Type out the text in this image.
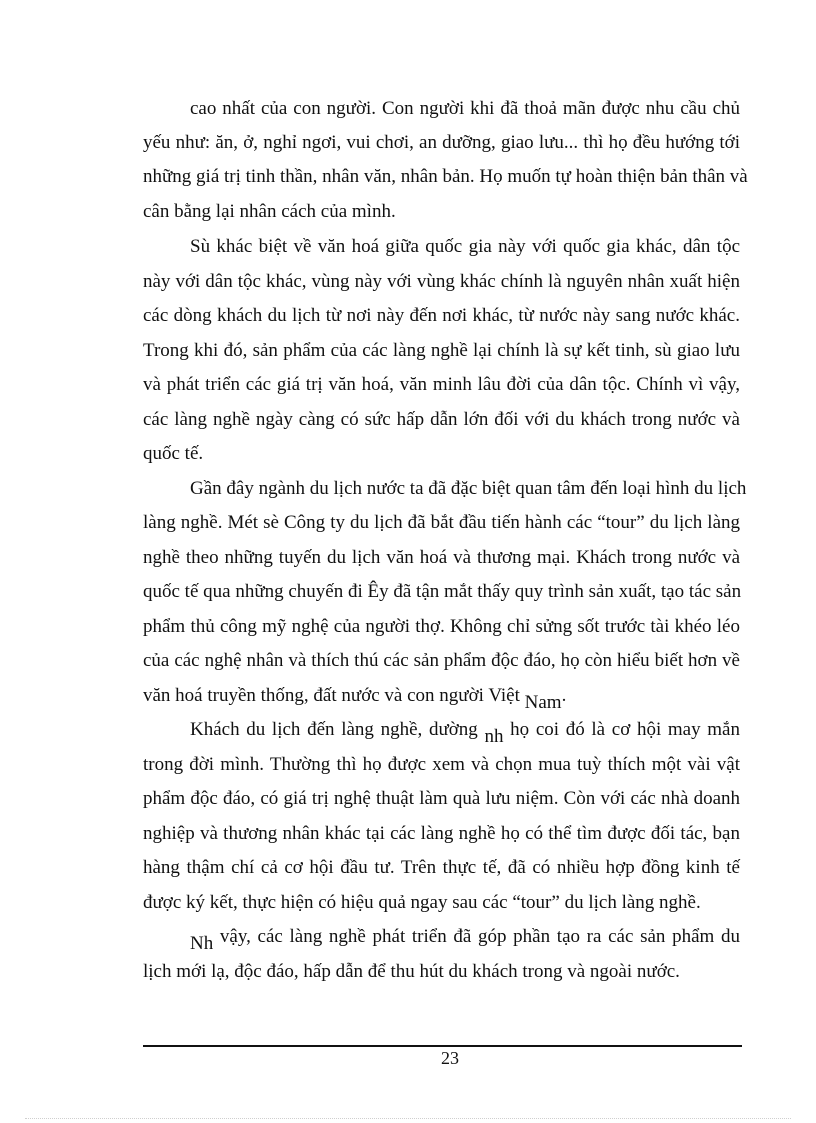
cao nhất của con người. Con người khi đã thoả mãn được nhu cầu chủ
yếu như: ăn, ở, nghỉ ngơi, vui chơi, an dưỡng, giao lưu... thì họ đều hướng tới
những giá trị tinh thần, nhân văn, nhân bản. Họ muốn tự hoàn thiện bản thân và
cân bằng lại nhân cách của mình.
Sù khác biệt về văn hoá giữa quốc gia này với quốc gia khác, dân tộc
này với dân tộc khác, vùng này với vùng khác chính là nguyên nhân xuất hiện
các dòng khách du lịch từ nơi này đến nơi khác, từ nước này sang nước khác.
Trong khi đó, sản phẩm của các làng nghề lại chính là sự kết tinh, sù giao lưu
và phát triển các giá trị văn hoá, văn minh lâu đời của dân tộc. Chính vì vậy,
các làng nghề ngày càng có sức hấp dẫn lớn đối với du khách trong nước và
quốc tế.
Gần đây ngành du lịch nước ta đã đặc biệt quan tâm đến loại hình du lịch
làng nghề. Mét sè Công ty du lịch đã bắt đầu tiến hành các “tour” du lịch làng
nghề theo những tuyến du lịch văn hoá và thương mại. Khách trong nước và
quốc tế qua những chuyến đi Êy đã tận mắt thấy quy trình sản xuất, tạo tác sản
phẩm thủ công mỹ nghệ của người thợ. Không chỉ sửng sốt trước tài khéo léo
của các nghệ nhân và thích thú các sản phẩm độc đáo, họ còn hiểu biết hơn về
văn hoá truyền thống, đất nước và con người Việt Nam.
Khách du lịch đến làng nghề, dường nh họ coi đó là cơ hội may mắn
trong đời mình. Thường thì họ được xem và chọn mua tuỳ thích một vài vật
phẩm độc đáo, có giá trị nghệ thuật làm quà lưu niệm. Còn với các nhà doanh
nghiệp và thương nhân khác tại các làng nghề họ có thể tìm được đối tác, bạn
hàng thậm chí cả cơ hội đầu tư. Trên thực tế, đã có nhiều hợp đồng kinh tế
được ký kết, thực hiện có hiệu quả ngay sau các “tour” du lịch làng nghề.
Nh vậy, các làng nghề phát triển đã góp phần tạo ra các sản phẩm du
lịch mới lạ, độc đáo, hấp dẫn để thu hút du khách trong và ngoài nước.
23
